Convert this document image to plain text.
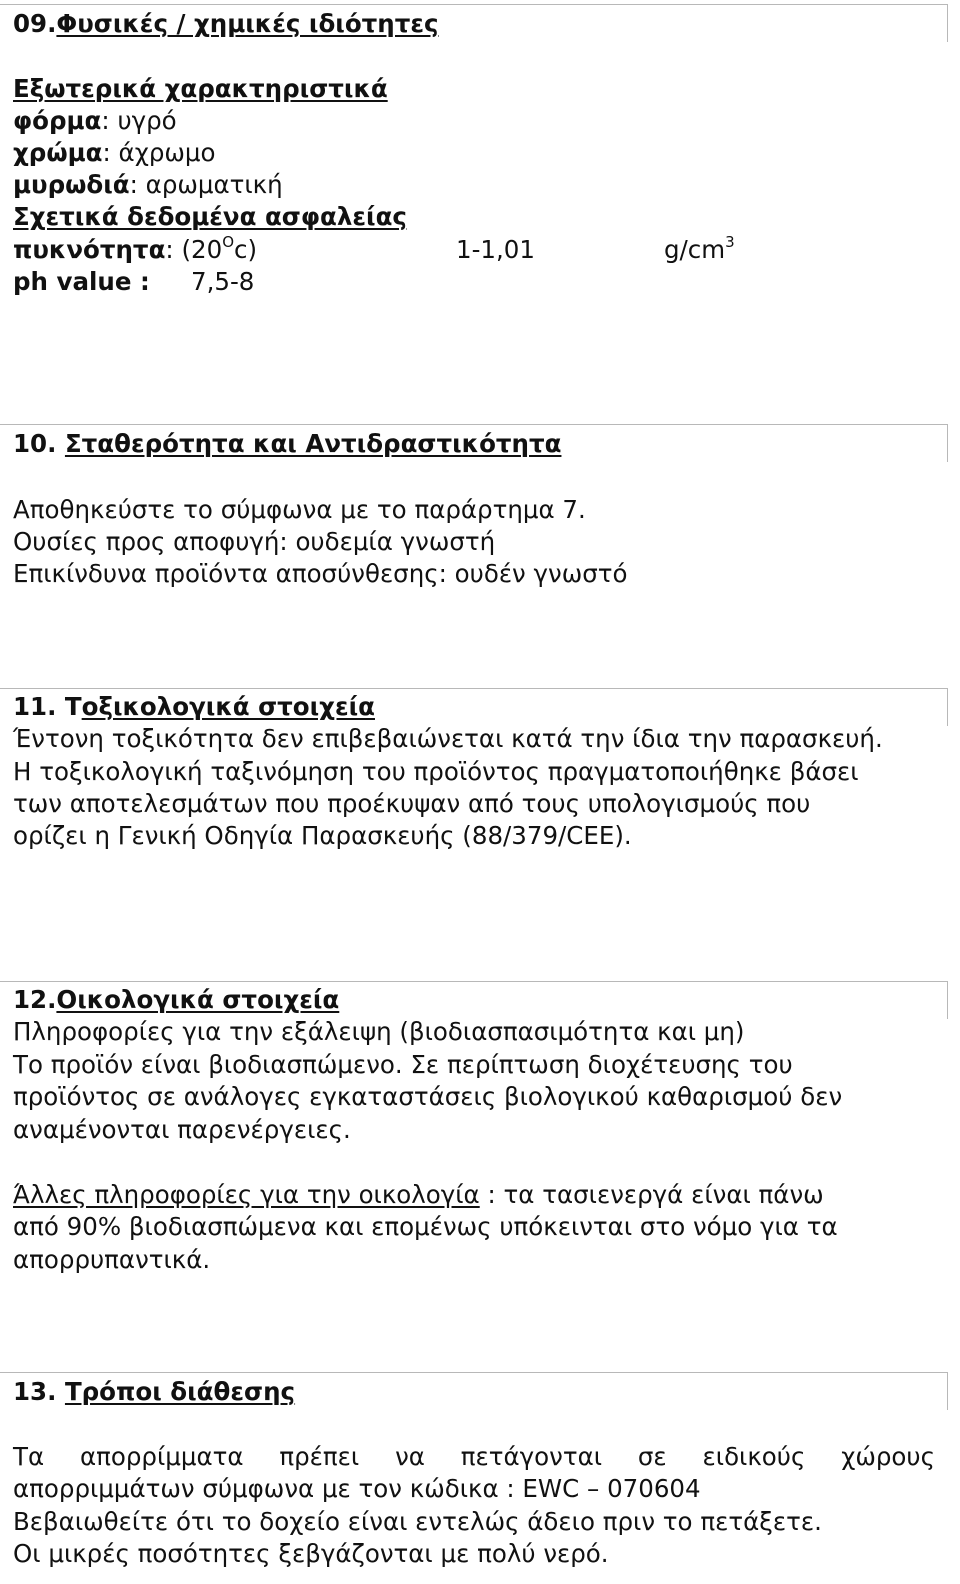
09.Φυσικές / χημικές ιδιότητες
Εξωτερικά χαρακτηριστικά
φόρμα: υγρό
χρώμα: άχρωμο
μυρωδιά: αρωματική
Σχετικά δεδομένα ασφαλείας
πυκνότητα: $(20^Oc)$	1-1,01	$g/cm^3$
ph value : 7,5-8
10. Σταθερότητα και Αντιδραστικότητα
Αποθηκεύστε το σύμφωνα με το παράρτημα 7.
Ουσίες προς αποφυγή: ουδεμία γνωστή
Επικίνδυνα προϊόντα αποσύνθεσης: ουδέν γνωστό
11. Tοξικολογικά στοιχεία
Έντονη τοξικότητα δεν επιβεβαιώνεται κατά την ίδια την παρασκευή.
Η τοξικολογική ταξινόμηση του προϊόντος πραγματοποιήθηκε βάσει
των αποτελεσμάτων που προέκυψαν από τους υπολογισμούς που
ορίζει η Γενική Οδηγία Παρασκευής (88/379/CEE).
12.Οικολογικά στοιχεία
Πληροφορίες για την εξάλειψη (βιοδιασπασιμότητα και μη)
Το προϊόν είναι βιοδιασπώμενο. Σε περίπτωση διοχέτευσης του
προϊόντος σε ανάλογες εγκαταστάσεις βιολογικού καθαρισμού δεν
αναμένονται παρενέργειες.
Άλλες πληροφορίες για την οικολογία : τα τασιενεργά είναι πάνω
από 90% βιοδιασπώμενα και επομένως υπόκεινται στο νόμο για τα
απορρυπαντικά.
13. Τρόποι διάθεσης
Τα απορρίμματα πρέπει να πετάγονται σε ειδικούς χώρους
απορριμμάτων σύμφωνα με τον κώδικα : EWC – 070604
Βεβαιωθείτε ότι το δοχείο είναι εντελώς άδειο πριν το πετάξετε.
Οι μικρές ποσότητες ξεβγάζονται με πολύ νερό.
